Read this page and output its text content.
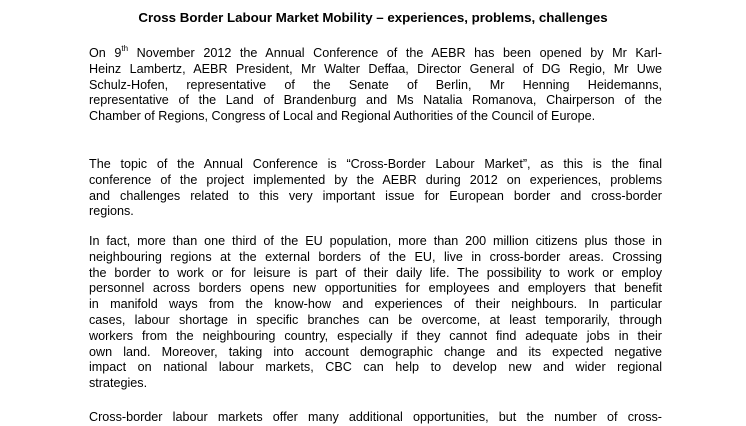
Cross Border Labour Market Mobility – experiences, problems, challenges
On 9th November 2012 the Annual Conference of the AEBR has been opened by Mr Karl-
Heinz Lambertz, AEBR President, Mr Walter Deffaa, Director General of DG Regio, Mr Uwe
Schulz-Hofen, representative of the Senate of Berlin, Mr Henning Heidemanns,
representative of the Land of Brandenburg and Ms Natalia Romanova, Chairperson of the
Chamber of Regions, Congress of Local and Regional Authorities of the Council of Europe.
The topic of the Annual Conference is “Cross-Border Labour Market”, as this is the final
conference of the project implemented by the AEBR during 2012 on experiences, problems
and challenges related to this very important issue for European border and cross-border
regions.
In fact, more than one third of the EU population, more than 200 million citizens plus those in
neighbouring regions at the external borders of the EU, live in cross-border areas. Crossing
the border to work or for leisure is part of their daily life. The possibility to work or employ
personnel across borders opens new opportunities for employees and employers that benefit
in manifold ways from the know-how and experiences of their neighbours. In particular
cases, labour shortage in specific branches can be overcome, at least temporarily, through
workers from the neighbouring country, especially if they cannot find adequate jobs in their
own land. Moreover, taking into account demographic change and its expected negative
impact on national labour markets, CBC can help to develop new and wider regional
strategies.
Cross-border labour markets offer many additional opportunities, but the number of cross-
